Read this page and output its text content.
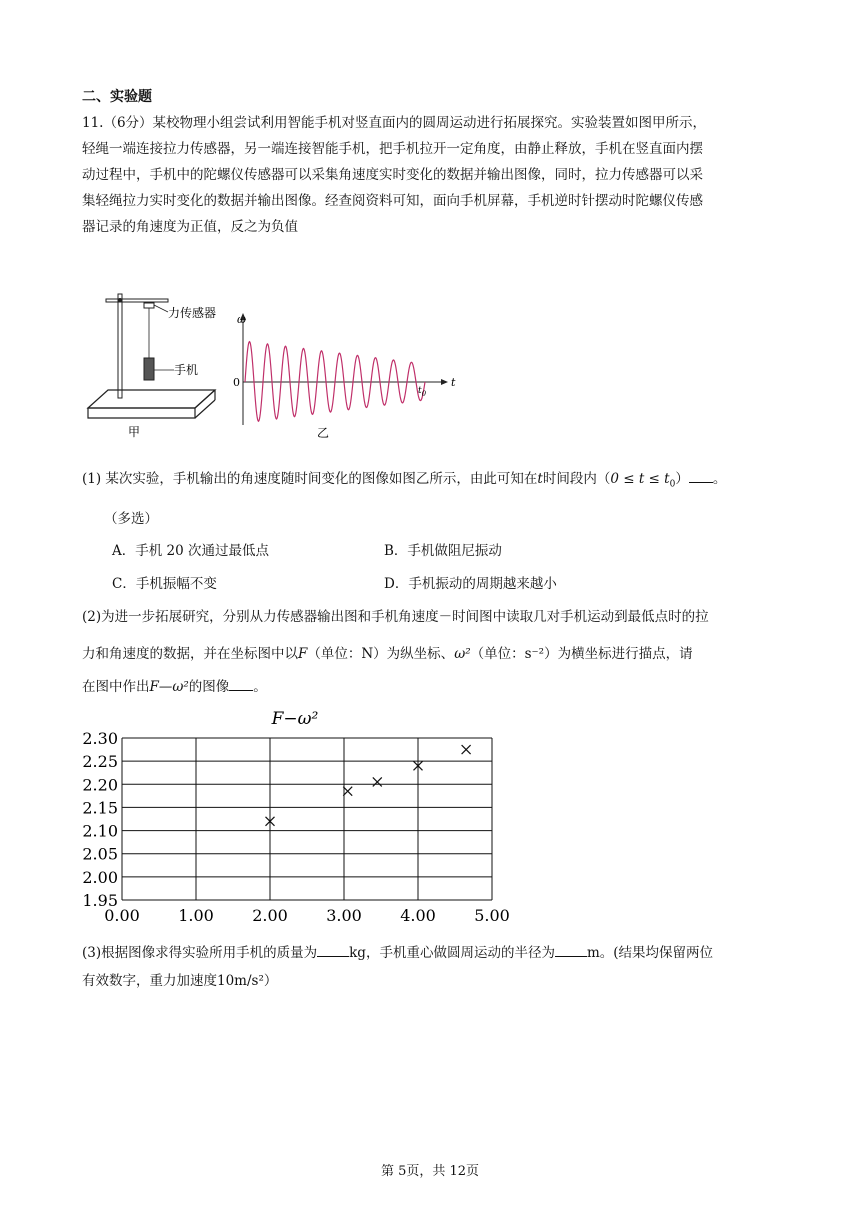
二、实验题
11.（6分）某校物理小组尝试利用智能手机对竖直面内的圆周运动进行拓展探究。实验装置如图甲所示，
轻绳一端连接拉力传感器，另一端连接智能手机，把手机拉开一定角度，由静止释放，手机在竖直面内摆
动过程中，手机中的陀螺仪传感器可以采集角速度实时变化的数据并输出图像，同时，拉力传感器可以采
集轻绳拉力实时变化的数据并输出图像。经查阅资料可知，面向手机屏幕，手机逆时针摆动时陀螺仪传感
器记录的角速度为正值，反之为负值
力传感器
手机
甲
ω
t
0
$t_0$
乙
(1) 某次实验，手机输出的角速度随时间变化的图像如图乙所示，由此可知在t时间段内$(0 \le t \le t_0)$ 。
（多选）
A．手机 20 次通过最低点	B．手机做阻尼振动
C．手机振幅不变	D．手机振动的周期越来越小
(2)为进一步拓展研究，分别从力传感器输出图和手机角速度－时间图中读取几对手机运动到最低点时的拉
力和角速度的数据，并在坐标图中以F（单位：N）为纵坐标、ω²（单位：s⁻²）为横坐标进行描点，请
在图中作出F—ω²的图像 。
F−ω²
0.00 1.00 2.00 3.00 4.00 5.00
1.95
2.00
2.05
2.10
2.15
2.20
2.25
2.30
(3)根据图像求得实验所用手机的质量为 kg，手机重心做圆周运动的半径为 m。(结果均保留两位
有效数字，重力加速度10m/s²）
第 5页，共 12页
